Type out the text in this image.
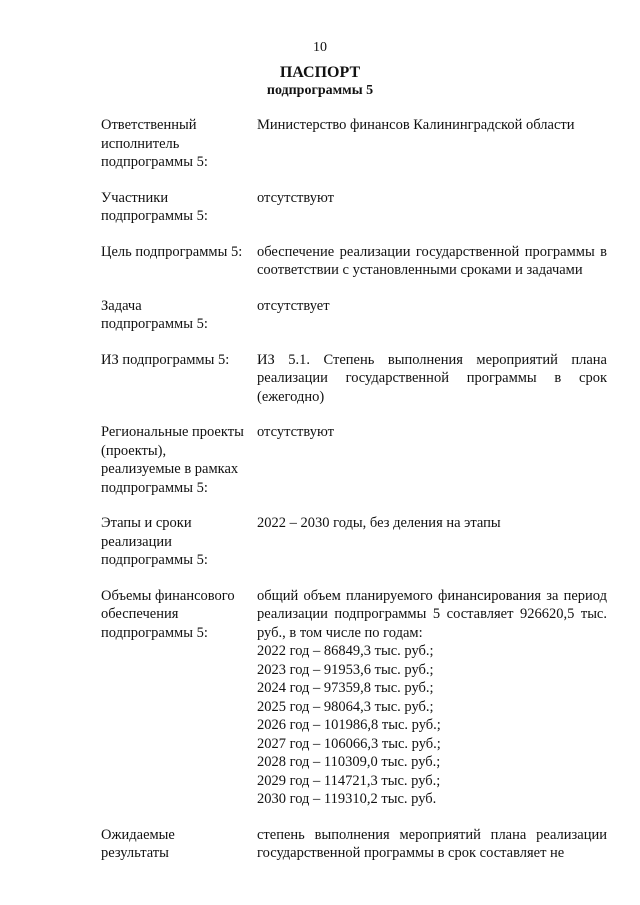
10
ПАСПОРТ
подпрограммы 5
Ответственный
исполнитель
подпрограммы 5:
Министерство финансов Калининградской области
Участники
подпрограммы 5:
отсутствуют
Цель подпрограммы 5:	обеспечение реализации государственной программы в соответствии с установленными сроками и задачами
Задача
подпрограммы 5:
отсутствует
ИЗ подпрограммы 5:	ИЗ 5.1. Степень выполнения мероприятий плана реализации государственной программы в срок (ежегодно)
Региональные проекты
(проекты),
реализуемые в рамках
подпрограммы 5:
отсутствуют
Этапы и сроки
реализации
подпрограммы 5:
2022 – 2030 годы, без деления на этапы
Объемы финансового
обеспечения
подпрограммы 5:
общий объем планируемого финансирования за период реализации подпрограммы 5 составляет 926620,5 тыс. руб., в том числе по годам:
2022 год – 86849,3 тыс. руб.;
2023 год – 91953,6 тыс. руб.;
2024 год – 97359,8 тыс. руб.;
2025 год – 98064,3 тыс. руб.;
2026 год – 101986,8 тыс. руб.;
2027 год – 106066,3 тыс. руб.;
2028 год – 110309,0 тыс. руб.;
2029 год – 114721,3 тыс. руб.;
2030 год – 119310,2 тыс. руб.
Ожидаемые
результаты
степень выполнения мероприятий плана реализации государственной программы в срок составляет не
